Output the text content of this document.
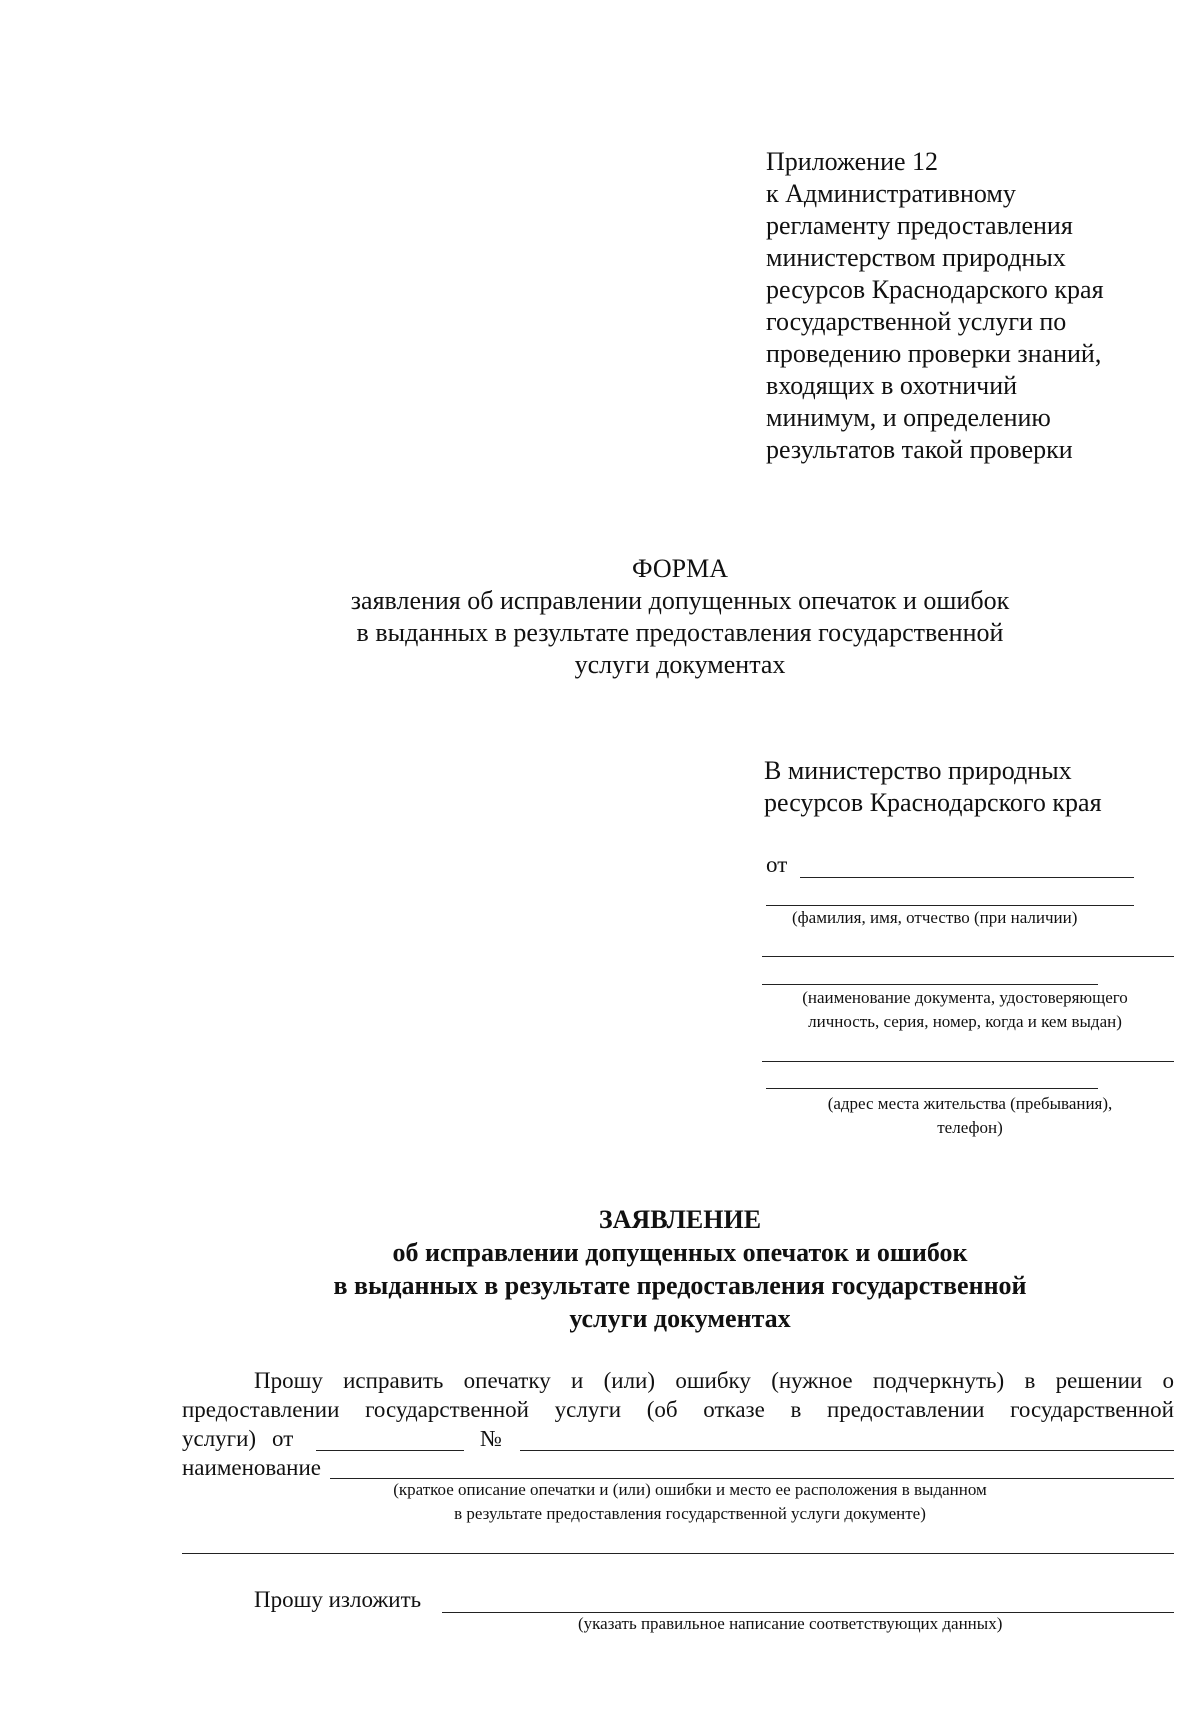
Приложение 12
к Административному
регламенту предоставления
министерством природных
ресурсов Краснодарского края
государственной услуги по
проведению проверки знаний,
входящих в охотничий
минимум, и определению
результатов такой проверки
ФОРМА
заявления об исправлении допущенных опечаток и ошибок
в выданных в результате предоставления государственной
услуги документах
В министерство природных
ресурсов Краснодарского края
от
(фамилия, имя, отчество (при наличии)
(наименование документа, удостоверяющего
личность, серия, номер, когда и кем выдан)
(адрес места жительства (пребывания),
телефон)
ЗАЯВЛЕНИЕ
об исправлении допущенных опечаток и ошибок
в выданных в результате предоставления государственной
услуги документах
Прошу исправить опечатку и (или) ошибку (нужное подчеркнуть) в решении о
предоставлении государственной услуги (об отказе в предоставлении государственной
услуги) от	№
наименование
(краткое описание опечатки и (или) ошибки и место ее расположения в выданном
в результате предоставления государственной услуги документе)
Прошу изложить
(указать правильное написание соответствующих данных)
